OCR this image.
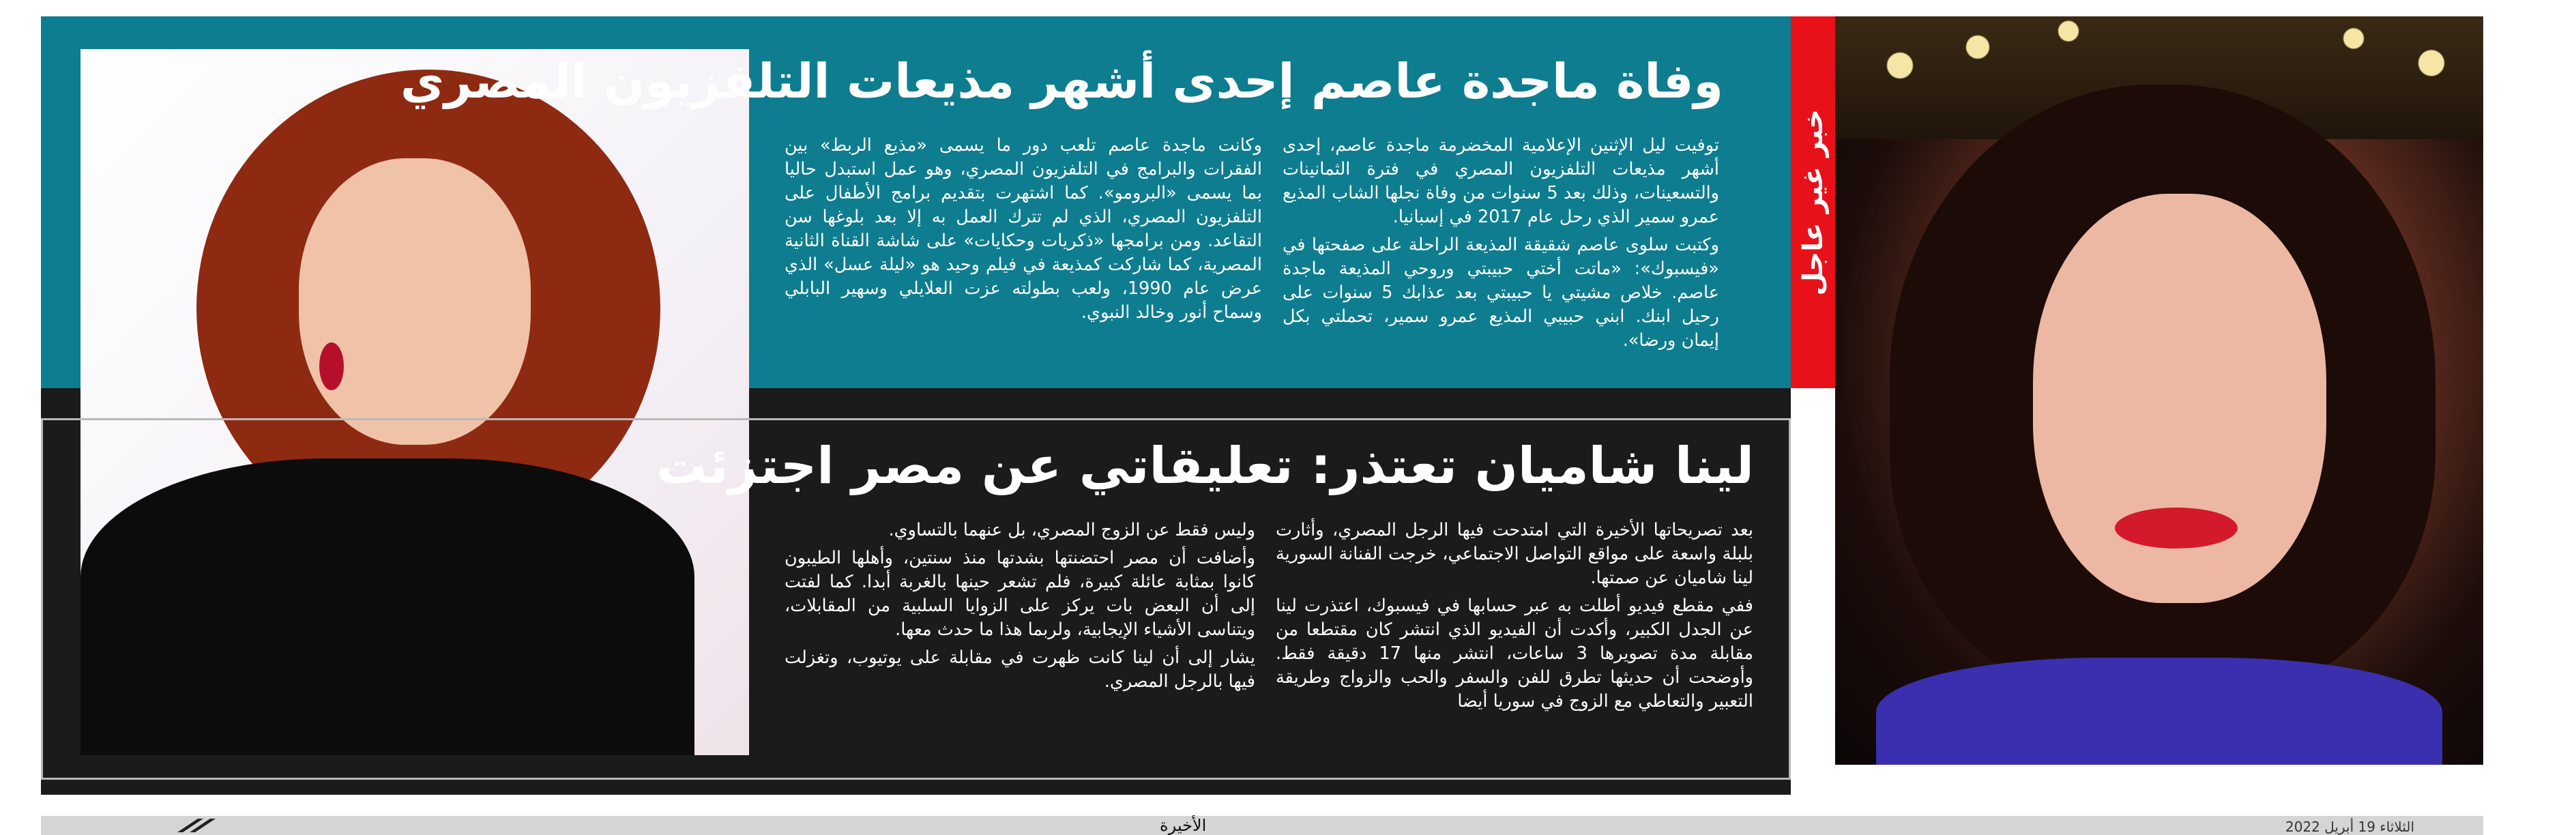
خبر غير عاجل
وفاة ماجدة عاصم إحدى أشهر مذيعات التلفزيون المصري

توفيت ليل الإثنين الإعلامية المخضرمة ماجدة عاصم، إحدى أشهر مذيعات التلفزيون المصري في فترة الثمانينات والتسعينات، وذلك بعد 5 سنوات من وفاة نجلها الشاب المذيع عمرو سمير الذي رحل عام 2017 في إسبانيا.

وكتبت سلوى عاصم شقيقة المذيعة الراحلة على صفحتها في «فيسبوك»: «ماتت أختي حبيبتي وروحي المذيعة ماجدة عاصم. خلاص مشيتي يا حبيبتي بعد عذابك 5 سنوات على رحيل ابنك. ابني حبيبي المذيع عمرو سمير، تحملتي بكل إيمان ورضا».

وكانت ماجدة عاصم تلعب دور ما يسمى «مذيع الربط» بين الفقرات والبرامج في التلفزيون المصري، وهو عمل استبدل حاليا بما يسمى «البرومو». كما اشتهرت بتقديم برامج الأطفال على التلفزيون المصري، الذي لم تترك العمل به إلا بعد بلوغها سن التقاعد. ومن برامجها «ذكريات وحكايات» على شاشة القناة الثانية المصرية، كما شاركت كمذيعة في فيلم وحيد هو «ليلة عسل» الذي عرض عام 1990، ولعب بطولته عزت العلايلي وسهير البابلي وسماح أنور وخالد النبوي.

لينا شاميان تعتذر: تعليقاتي عن مصر اجتزئت

بعد تصريحاتها الأخيرة التي امتدحت فيها الرجل المصري، وأثارت بلبلة واسعة على مواقع التواصل الاجتماعي، خرجت الفنانة السورية لينا شاميان عن صمتها.

ففي مقطع فيديو أطلت به عبر حسابها في فيسبوك، اعتذرت لينا عن الجدل الكبير، وأكدت أن الفيديو الذي انتشر كان مقتطعا من مقابلة مدة تصويرها 3 ساعات، انتشر منها 17 دقيقة فقط. وأوضحت أن حديثها تطرق للفن والسفر والحب والزواج وطريقة التعبير والتعاطي مع الزوج في سوريا أيضا

وليس فقط عن الزوج المصري، بل عنهما بالتساوي.

وأضافت أن مصر احتضنتها بشدتها منذ سنتين، وأهلها الطيبون كانوا بمثابة عائلة كبيرة، فلم تشعر حينها بالغربة أبدا. كما لفتت إلى أن البعض بات يركز على الزوايا السلبية من المقابلات، ويتناسى الأشياء الإيجابية، ولربما هذا ما حدث معها.

يشار إلى أن لينا كانت ظهرت في مقابلة على يوتيوب، وتغزلت فيها بالرجل المصري.

الأخيرة	الثلاثاء 19 أبريل 2022
